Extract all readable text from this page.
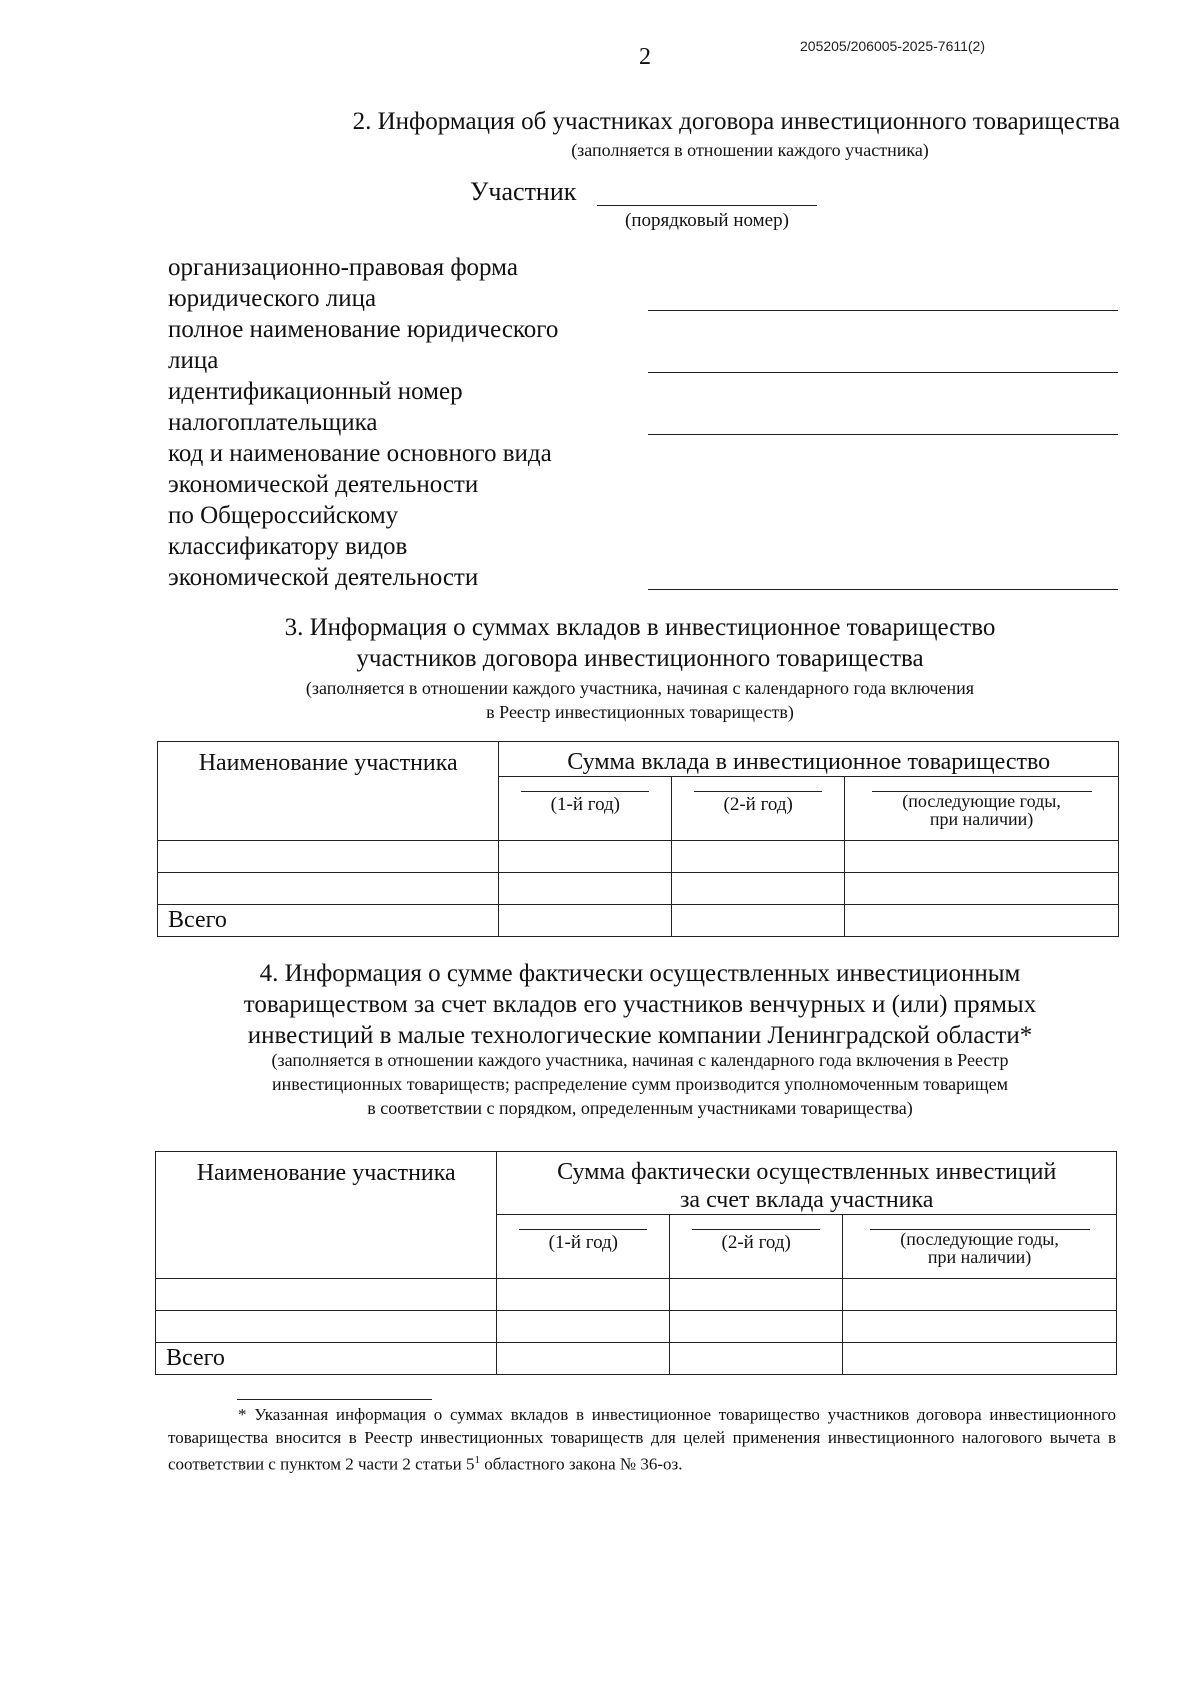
2	205205/206005-2025-7611(2)
2. Информация об участниках договора инвестиционного товарищества
(заполняется в отношении каждого участника)
Участник
(порядковый номер)
организационно-правовая форма
юридического лица
полное наименование юридического
лица
идентификационный номер
налогоплательщика
код и наименование основного вида
экономической деятельности
по Общероссийскому
классификатору видов
экономической деятельности
3. Информация о суммах вкладов в инвестиционное товарищество
участников договора инвестиционного товарищества
(заполняется в отношении каждого участника, начиная с календарного года включения
в Реестр инвестиционных товариществ)
Наименование участника	Сумма вклада в инвестиционное товарищество		

	(1-й год)	(2-й год)	(последующие годы,
при наличии)

Всего			
4. Информация о сумме фактически осуществленных инвестиционным
товариществом за счет вкладов его участников венчурных и (или) прямых
инвестиций в малые технологические компании Ленинградской области*
(заполняется в отношении каждого участника, начиная с календарного года включения в Реестр
инвестиционных товариществ; распределение сумм производится уполномоченным товарищем
в соответствии с порядком, определенным участниками товарищества)
Наименование участника	Сумма фактически осуществленных инвестиций
за счет вклада участника		

	(1-й год)	(2-й год)	(последующие годы,
при наличии)

Всего			
* Указанная информация о суммах вкладов в инвестиционное товарищество участников договора инвестиционного товарищества вносится в Реестр инвестиционных товариществ для целей применения инвестиционного налогового вычета в соответствии с пунктом 2 части 2 статьи $5^1$ областного закона № 36-оз.
